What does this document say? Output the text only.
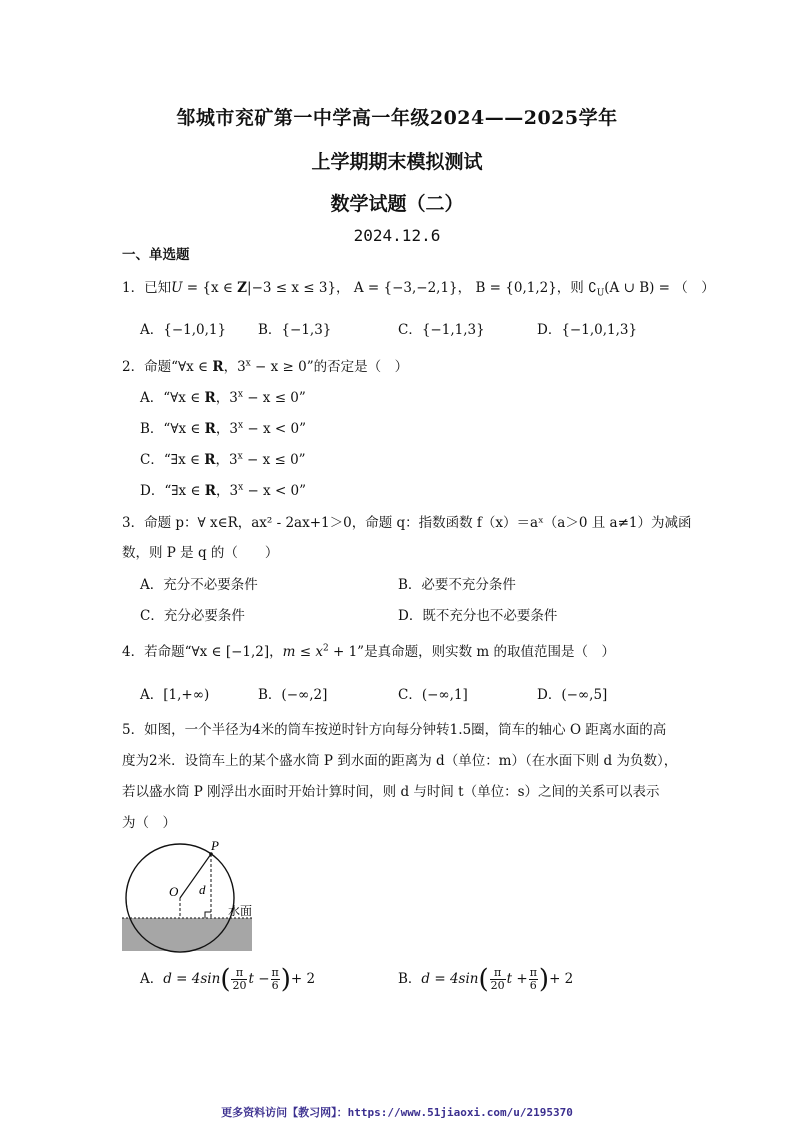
邹城市兖矿第一中学高一年级2024——2025学年
上学期期末模拟测试
数学试题（二）
2024.12.6
一、单选题
1．已知U = {x ∈ Z|−3 ≤ x ≤ 3}， A = {−3,−2,1}， B = {0,1,2}，则 $∁_U(A$ ∪ B) = （　）
A．{−1,0,1} B．{−1,3}	C．{−1,1,3}	D．{−1,0,1,3}
2．命题“∀x ∈ R，$3^x - x \ge 0$”的否定是（　）
A．“∀x ∈ R，$3^x - x \le 0$”
B．“∀x ∈ R，$3^x - x < 0$”
C．“∃x ∈ R，$3^x - x \le 0$”
D．“∃x ∈ R，$3^x - x < 0$”
3．命题 p：∀ x∈R，ax² - 2ax+1＞0，命题 q：指数函数 f（x）＝aˣ（a＞0 且 a≠1）为减函
数，则 P 是 q 的（　　）
A．充分不必要条件	B．必要不充分条件
C．充分必要条件	D．既不充分也不必要条件
4．若命题“∀x ∈ [−1,2]，$m \le x^2 + 1$”是真命题，则实数 m 的取值范围是（　）
A．[1,+∞)	B．(−∞,2]	C．(−∞,1]	D．(−∞,5]
5．如图，一个半径为4米的筒车按逆时针方向每分钟转1.5圈，筒车的轴心 O 距离水面的高
度为2米．设筒车上的某个盛水筒 P 到水面的距离为 d（单位：m）（在水面下则 d 为负数），
若以盛水筒 P 刚浮出水面时开始计算时间，则 d 与时间 t（单位：s）之间的关系可以表示
为（　）
P
O d
水面
A．$d = 4\sin( \frac{\pi}{20}$ $t - \frac{\pi}{6}$ )+ 2	B．$d = 4\sin( \frac{\pi}{20}$ $t + \frac{\pi}{6}$ )+ 2
更多资料访问【教习网】：https://www.51jiaoxi.com/u/2195370
